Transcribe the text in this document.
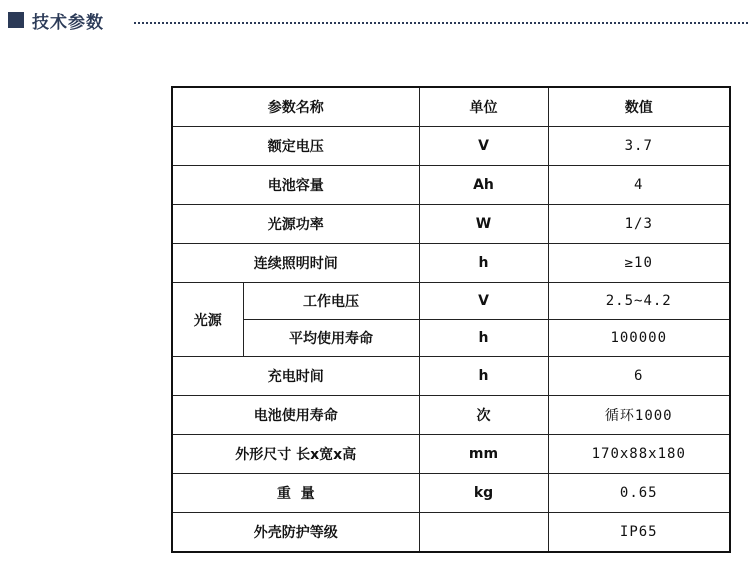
技术参数
参数名称		单位	数值
额定电压		V	3.7
电池容量		Ah	4
光源功率		W	1/3
连续照明时间		h	≥10
光源	工作电压	V	2.5~4.2
	平均使用寿命	h	100000
充电时间		h	6
电池使用寿命		次	循环1000
外形尺寸 长x宽x高		mm	170x88x180
重  量		kg	0.65
外壳防护等级			IP65
